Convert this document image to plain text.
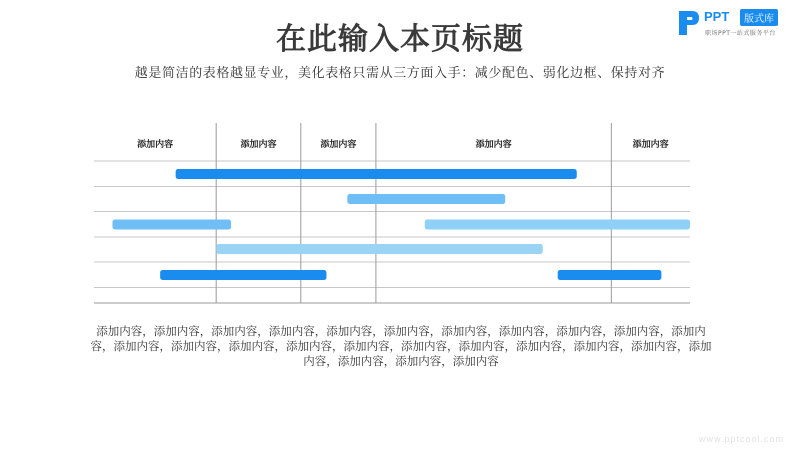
在此输入本页标题
越是简洁的表格越显专业，美化表格只需从三方面入手：减少配色、弱化边框、保持对齐
PPT	版式库
职场PPT一站式服务平台
添加内容	添加内容	添加内容	添加内容	添加内容
添加内容，添加内容，添加内容，添加内容，添加内容，添加内容，添加内容，添加内容，添加内容，添加内容，添加内容，添加内容，添加内容，添加内容，添加内容，添加内容，添加内容，添加内容，添加内容，添加内容，添加内容，添加内容，添加内容，添加内容，添加内容
www.pptcool.com
